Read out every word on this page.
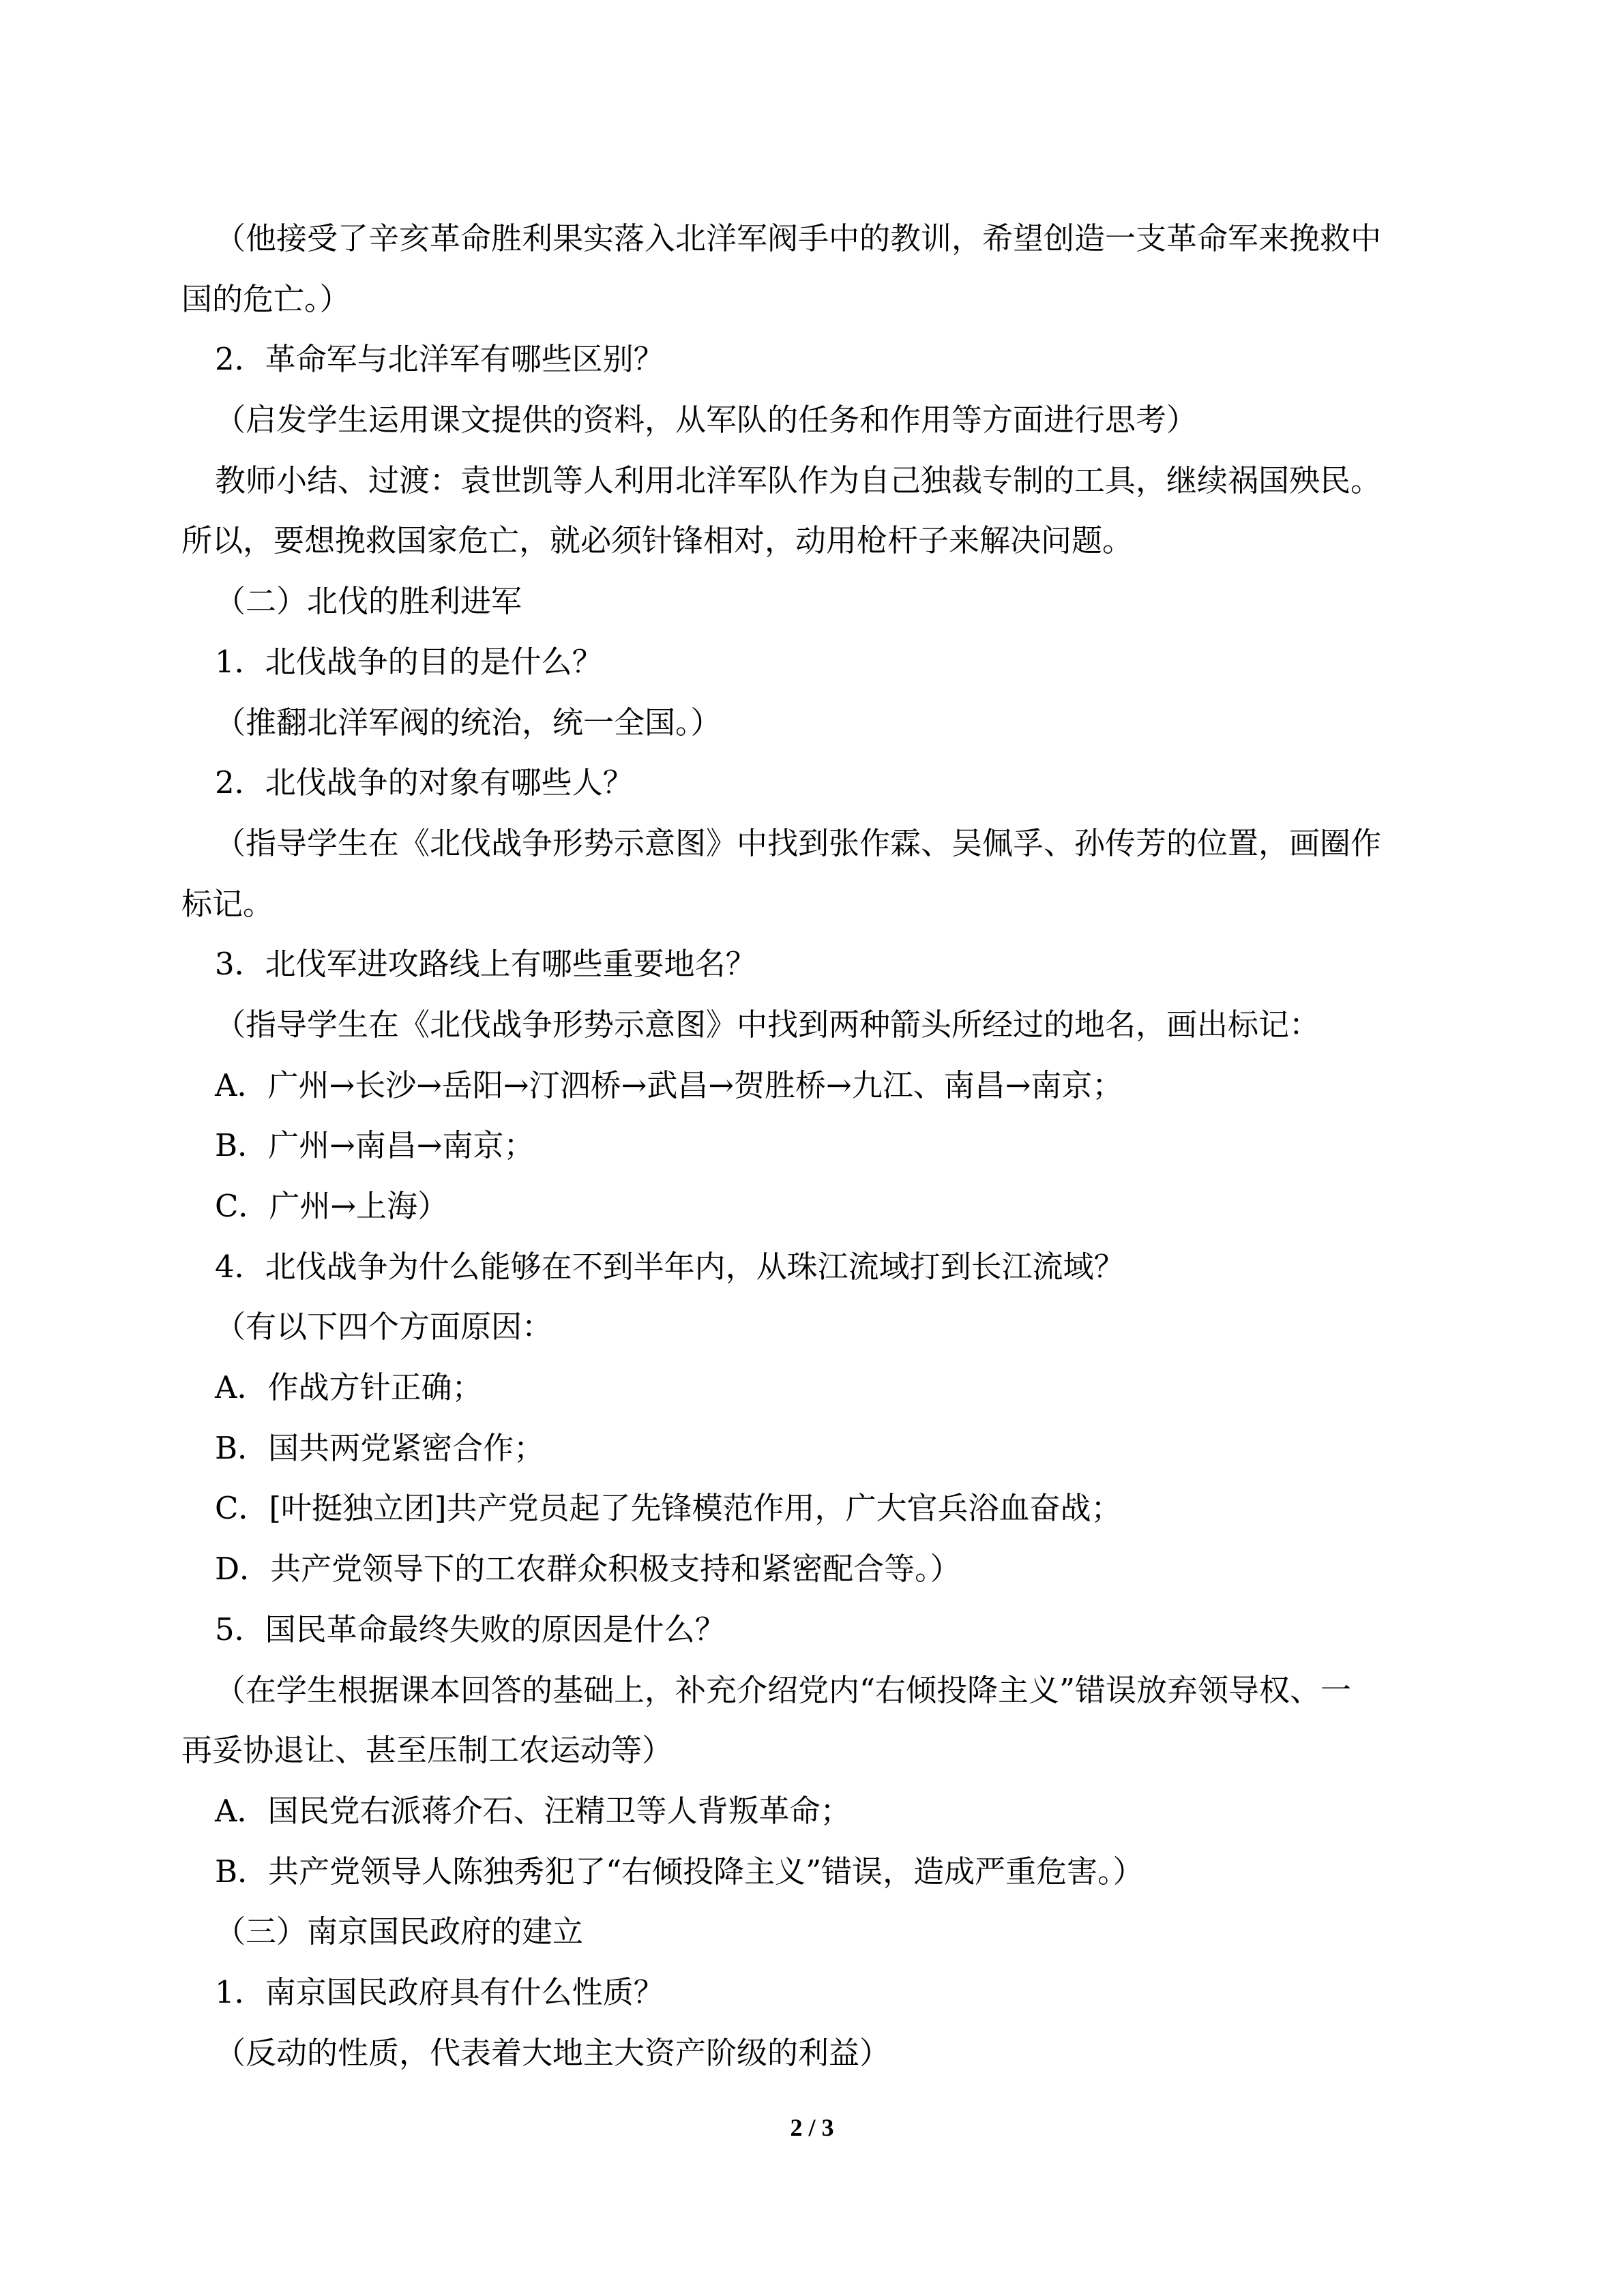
（他接受了辛亥革命胜利果实落入北洋军阀手中的教训，希望创造一支革命军来挽救中
国的危亡。）
2．革命军与北洋军有哪些区别？
（启发学生运用课文提供的资料，从军队的任务和作用等方面进行思考）
教师小结、过渡：袁世凯等人利用北洋军队作为自己独裁专制的工具，继续祸国殃民。
所以，要想挽救国家危亡，就必须针锋相对，动用枪杆子来解决问题。
（二）北伐的胜利进军
1．北伐战争的目的是什么？
（推翻北洋军阀的统治，统一全国。）
2．北伐战争的对象有哪些人？
（指导学生在《北伐战争形势示意图》中找到张作霖、吴佩孚、孙传芳的位置，画圈作
标记。
3．北伐军进攻路线上有哪些重要地名？
（指导学生在《北伐战争形势示意图》中找到两种箭头所经过的地名，画出标记：
A．广州→长沙→岳阳→汀泗桥→武昌→贺胜桥→九江、南昌→南京；
B．广州→南昌→南京；
C．广州→上海）
4．北伐战争为什么能够在不到半年内，从珠江流域打到长江流域？
（有以下四个方面原因：
A．作战方针正确；
B．国共两党紧密合作；
C．[叶挺独立团]共产党员起了先锋模范作用，广大官兵浴血奋战；
D．共产党领导下的工农群众积极支持和紧密配合等。）
5．国民革命最终失败的原因是什么？
（在学生根据课本回答的基础上，补充介绍党内“右倾投降主义”错误放弃领导权、一
再妥协退让、甚至压制工农运动等）
A．国民党右派蒋介石、汪精卫等人背叛革命；
B．共产党领导人陈独秀犯了“右倾投降主义”错误，造成严重危害。）
（三）南京国民政府的建立
1．南京国民政府具有什么性质？
（反动的性质，代表着大地主大资产阶级的利益）
2 / 3
